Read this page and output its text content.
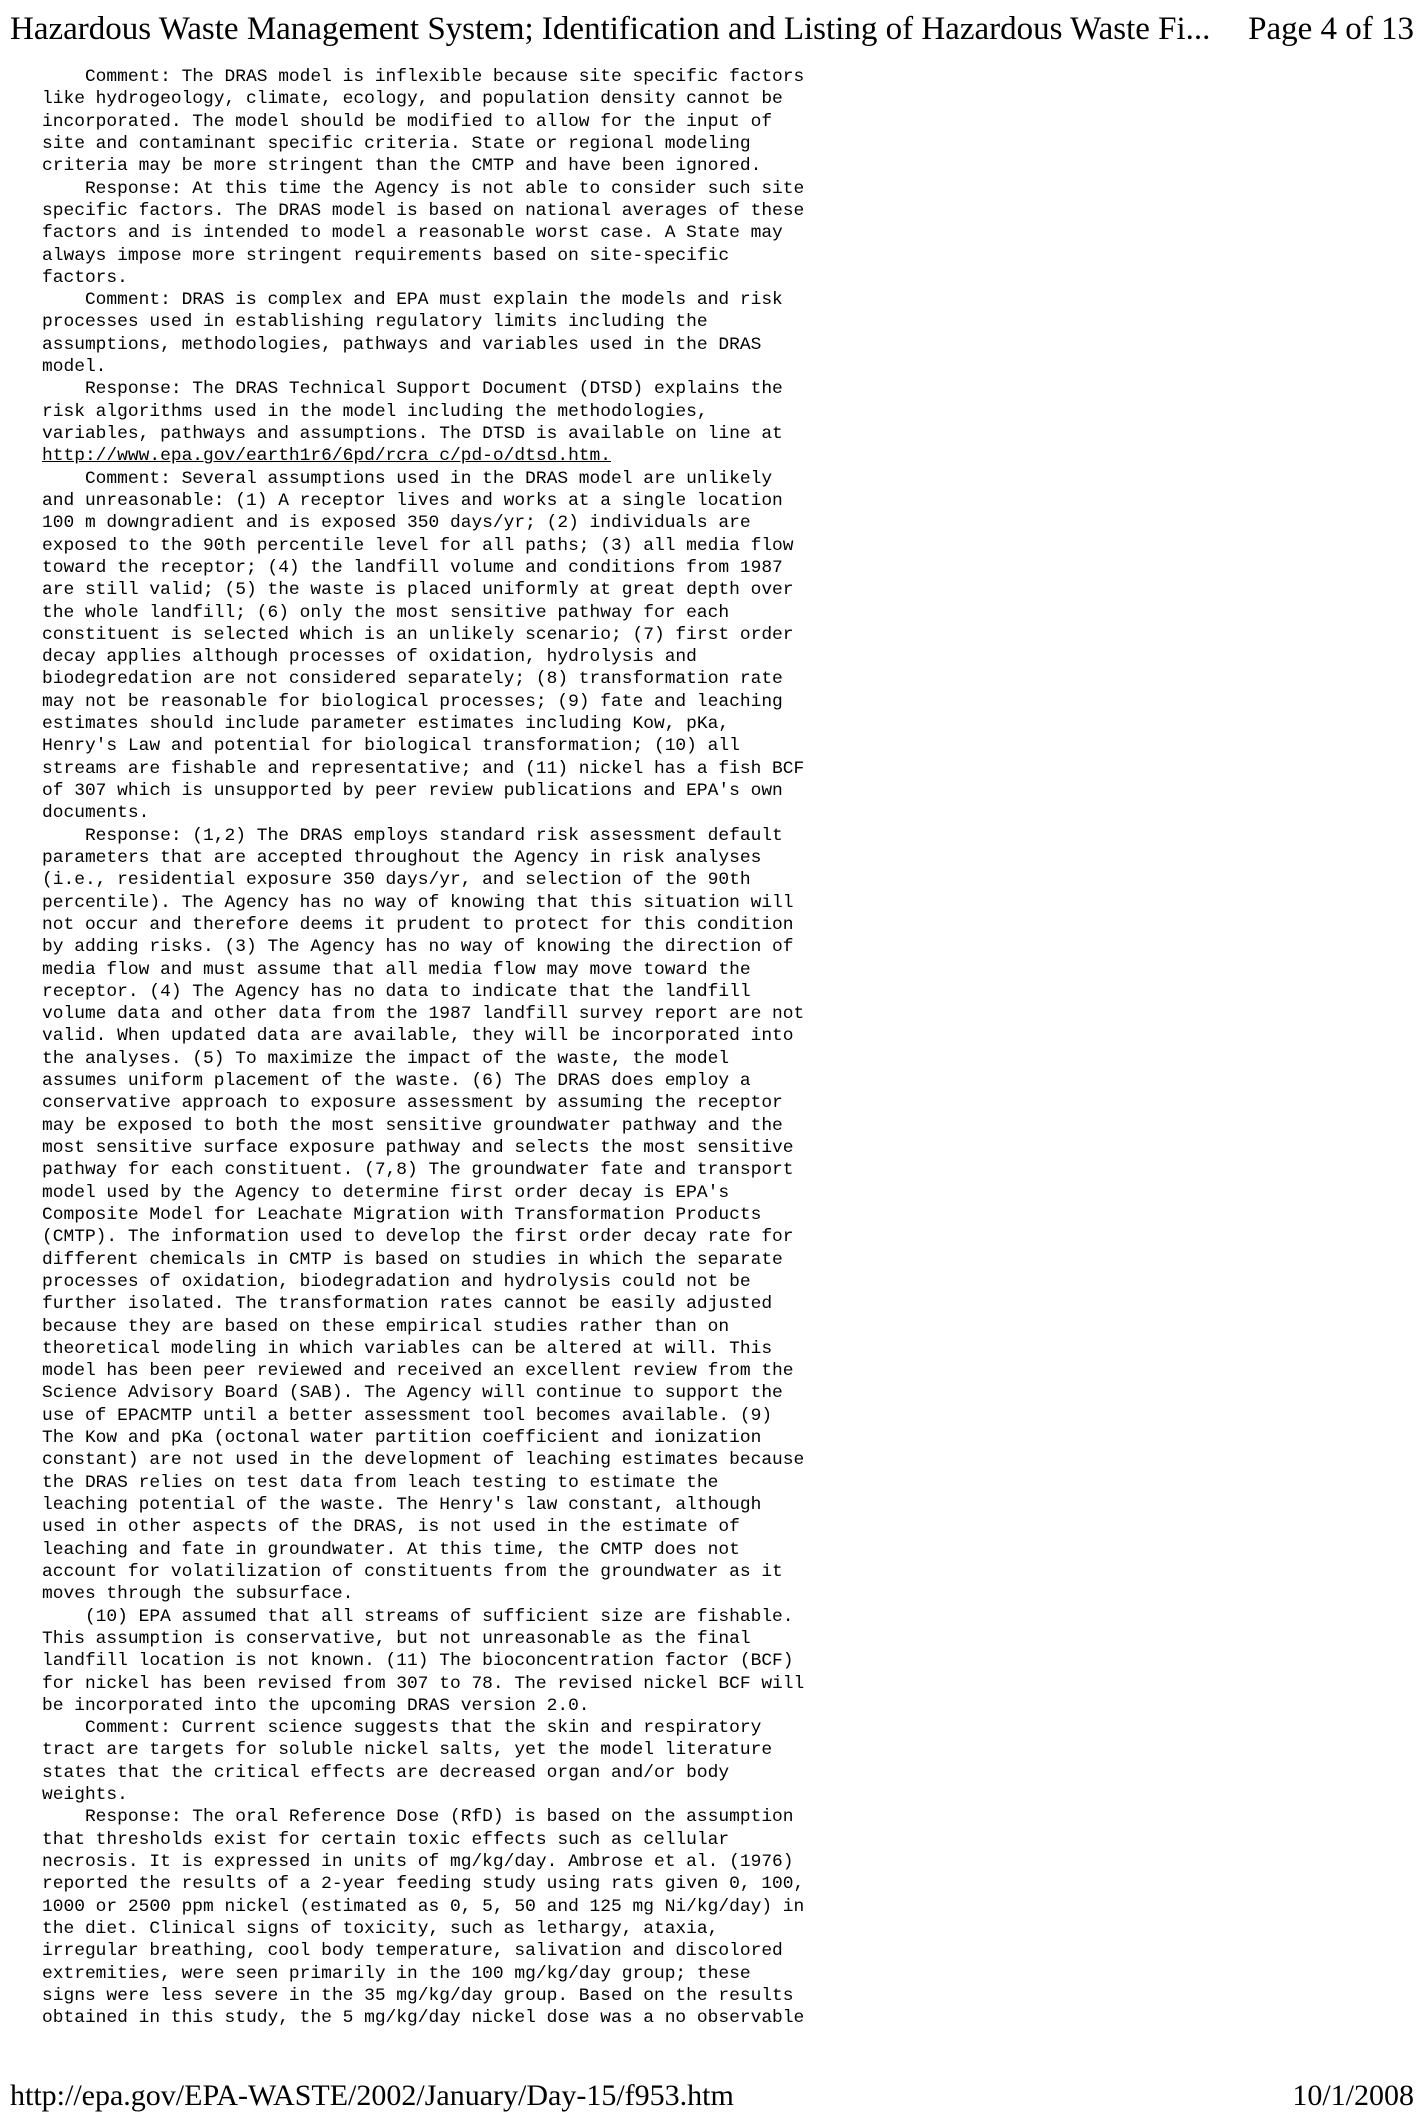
Hazardous Waste Management System; Identification and Listing of Hazardous Waste Fi... Page 4 of 13
Comment: The DRAS model is inflexible because site specific factors
like hydrogeology, climate, ecology, and population density cannot be
incorporated. The model should be modified to allow for the input of
site and contaminant specific criteria. State or regional modeling
criteria may be more stringent than the CMTP and have been ignored.
Response: At this time the Agency is not able to consider such site
specific factors. The DRAS model is based on national averages of these
factors and is intended to model a reasonable worst case. A State may
always impose more stringent requirements based on site-specific
factors.
Comment: DRAS is complex and EPA must explain the models and risk
processes used in establishing regulatory limits including the
assumptions, methodologies, pathways and variables used in the DRAS
model.
Response: The DRAS Technical Support Document (DTSD) explains the
risk algorithms used in the model including the methodologies,
variables, pathways and assumptions. The DTSD is available on line at
http://www.epa.gov/earth1r6/6pd/rcra_c/pd-o/dtsd.htm.
Comment: Several assumptions used in the DRAS model are unlikely
and unreasonable: (1) A receptor lives and works at a single location
100 m downgradient and is exposed 350 days/yr; (2) individuals are
exposed to the 90th percentile level for all paths; (3) all media flow
toward the receptor; (4) the landfill volume and conditions from 1987
are still valid; (5) the waste is placed uniformly at great depth over
the whole landfill; (6) only the most sensitive pathway for each
constituent is selected which is an unlikely scenario; (7) first order
decay applies although processes of oxidation, hydrolysis and
biodegredation are not considered separately; (8) transformation rate
may not be reasonable for biological processes; (9) fate and leaching
estimates should include parameter estimates including Kow, pKa,
Henry's Law and potential for biological transformation; (10) all
streams are fishable and representative; and (11) nickel has a fish BCF
of 307 which is unsupported by peer review publications and EPA's own
documents.
Response: (1,2) The DRAS employs standard risk assessment default
parameters that are accepted throughout the Agency in risk analyses
(i.e., residential exposure 350 days/yr, and selection of the 90th
percentile). The Agency has no way of knowing that this situation will
not occur and therefore deems it prudent to protect for this condition
by adding risks. (3) The Agency has no way of knowing the direction of
media flow and must assume that all media flow may move toward the
receptor. (4) The Agency has no data to indicate that the landfill
volume data and other data from the 1987 landfill survey report are not
valid. When updated data are available, they will be incorporated into
the analyses. (5) To maximize the impact of the waste, the model
assumes uniform placement of the waste. (6) The DRAS does employ a
conservative approach to exposure assessment by assuming the receptor
may be exposed to both the most sensitive groundwater pathway and the
most sensitive surface exposure pathway and selects the most sensitive
pathway for each constituent. (7,8) The groundwater fate and transport
model used by the Agency to determine first order decay is EPA's
Composite Model for Leachate Migration with Transformation Products
(CMTP). The information used to develop the first order decay rate for
different chemicals in CMTP is based on studies in which the separate
processes of oxidation, biodegradation and hydrolysis could not be
further isolated. The transformation rates cannot be easily adjusted
because they are based on these empirical studies rather than on
theoretical modeling in which variables can be altered at will. This
model has been peer reviewed and received an excellent review from the
Science Advisory Board (SAB). The Agency will continue to support the
use of EPACMTP until a better assessment tool becomes available. (9)
The Kow and pKa (octonal water partition coefficient and ionization
constant) are not used in the development of leaching estimates because
the DRAS relies on test data from leach testing to estimate the
leaching potential of the waste. The Henry's law constant, although
used in other aspects of the DRAS, is not used in the estimate of
leaching and fate in groundwater. At this time, the CMTP does not
account for volatilization of constituents from the groundwater as it
moves through the subsurface.
(10) EPA assumed that all streams of sufficient size are fishable.
This assumption is conservative, but not unreasonable as the final
landfill location is not known. (11) The bioconcentration factor (BCF)
for nickel has been revised from 307 to 78. The revised nickel BCF will
be incorporated into the upcoming DRAS version 2.0.
Comment: Current science suggests that the skin and respiratory
tract are targets for soluble nickel salts, yet the model literature
states that the critical effects are decreased organ and/or body
weights.
Response: The oral Reference Dose (RfD) is based on the assumption
that thresholds exist for certain toxic effects such as cellular
necrosis. It is expressed in units of mg/kg/day. Ambrose et al. (1976)
reported the results of a 2-year feeding study using rats given 0, 100,
1000 or 2500 ppm nickel (estimated as 0, 5, 50 and 125 mg Ni/kg/day) in
the diet. Clinical signs of toxicity, such as lethargy, ataxia,
irregular breathing, cool body temperature, salivation and discolored
extremities, were seen primarily in the 100 mg/kg/day group; these
signs were less severe in the 35 mg/kg/day group. Based on the results
obtained in this study, the 5 mg/kg/day nickel dose was a no observable
http://epa.gov/EPA-WASTE/2002/January/Day-15/f953.htm	10/1/2008
